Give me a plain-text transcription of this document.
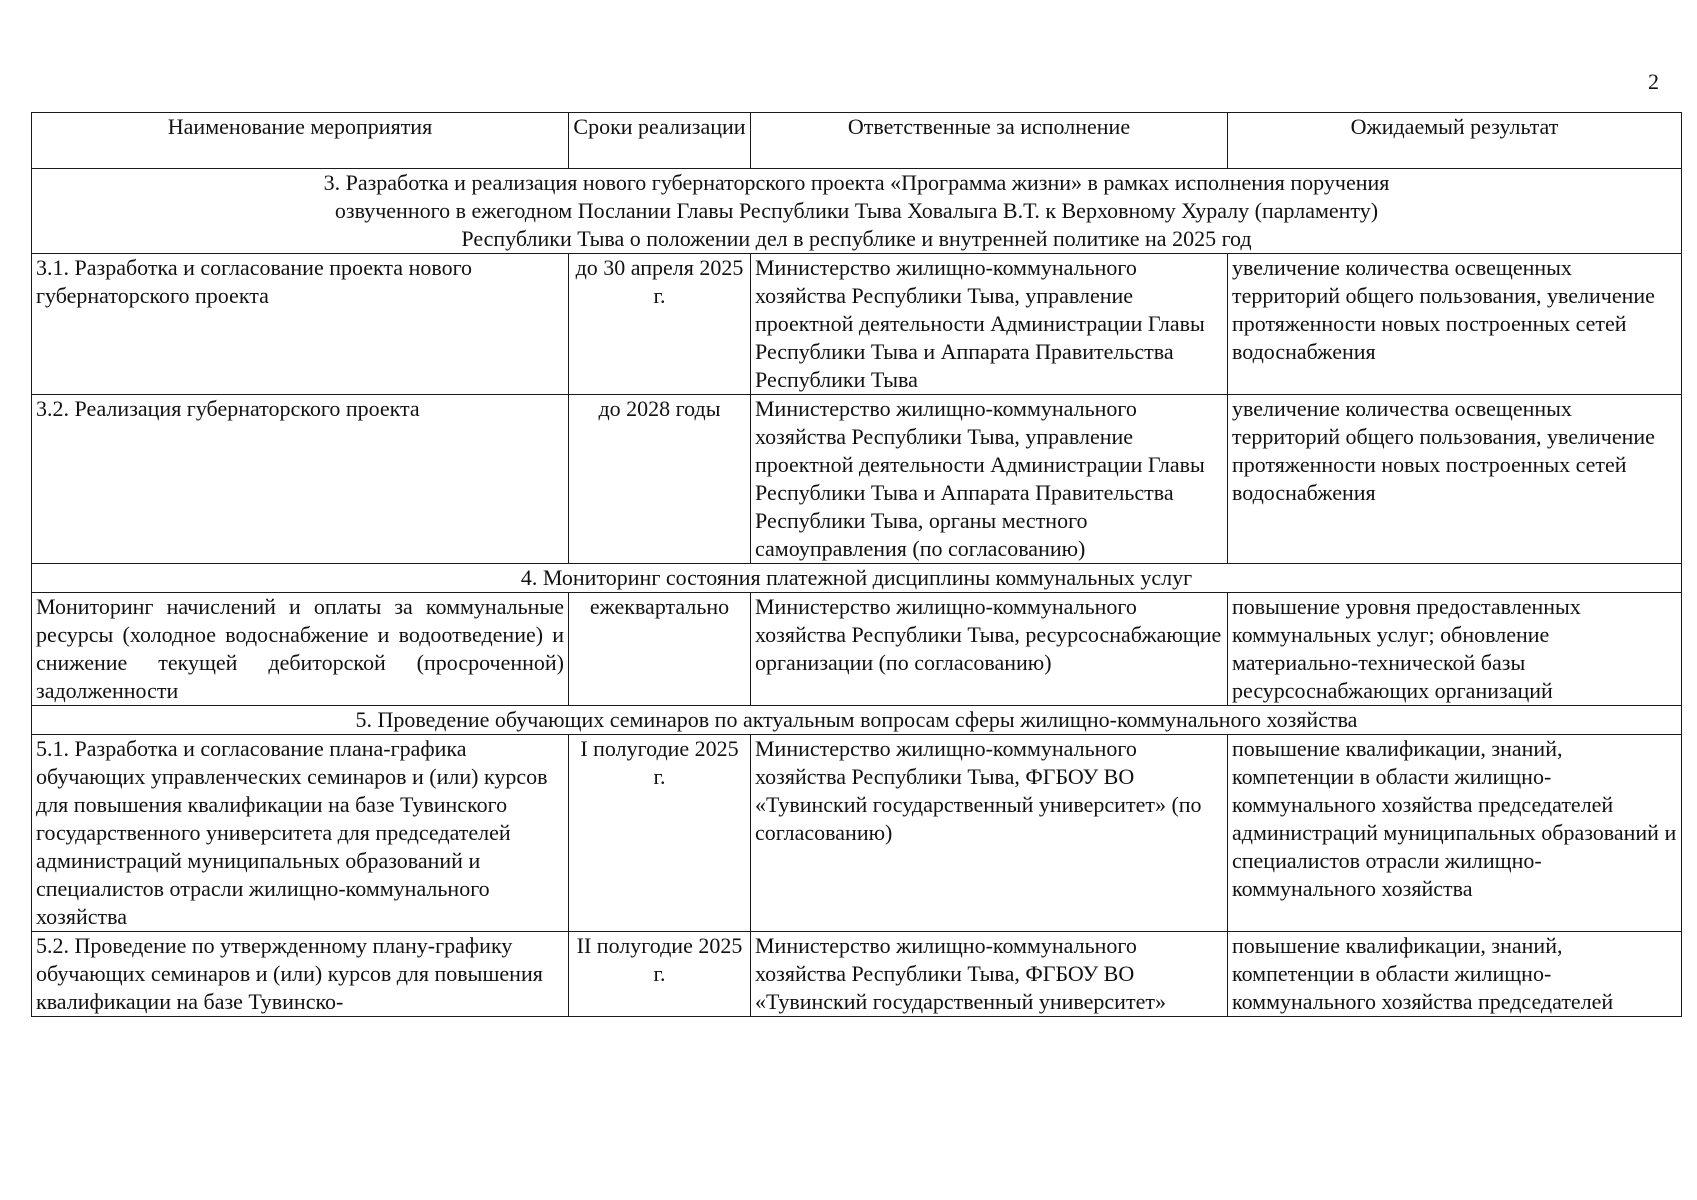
2
Наименование мероприятия	Сроки реализации	Ответственные за исполнение	Ожидаемый результат

3. Разработка и реализация нового губернаторского проекта «Программа жизни» в рамках исполнения поручения
озвученного в ежегодном Послании Главы Республики Тыва Ховалыга В.Т. к Верховному Хуралу (парламенту)
Республики Тыва о положении дел в республике и внутренней политике на 2025 год			

3.1. Разработка и согласование проекта нового губернаторского проекта	до 30 апреля 2025 г.	Министерство жилищно-коммунального хозяйства Республики Тыва, управление проектной деятельности Администрации Главы Республики Тыва и Аппарата Правительства Республики Тыва	увеличение количества освещенных территорий общего пользования, увеличение протяженности новых построенных сетей водоснабжения
3.2. Реализация губернаторского проекта	до 2028 годы	Министерство жилищно-коммунального хозяйства Республики Тыва, управление проектной деятельности Администрации Главы Республики Тыва и Аппарата Правительства Республики Тыва, органы местного самоуправления (по согласованию)	увеличение количества освещенных территорий общего пользования, увеличение протяженности новых построенных сетей водоснабжения

4. Мониторинг состояния платежной дисциплины коммунальных услуг			

Мониторинг начислений и оплаты за коммунальные ресурсы (холодное водоснабжение и водоотведение) и снижение текущей дебиторской (просроченной) задолженности	ежеквартально	Министерство жилищно-коммунального хозяйства Республики Тыва, ресурсоснабжающие организации (по согласованию)	повышение уровня предоставленных коммунальных услуг; обновление материально-технической базы ресурсоснабжающих организаций

5. Проведение обучающих семинаров по актуальным вопросам сферы жилищно-коммунального хозяйства			

5.1. Разработка и согласование плана-графика обучающих управленческих семинаров и (или) курсов для повышения квалификации на базе Тувинского государственного университета для председателей администраций муниципальных образований и специалистов отрасли жилищно-коммунального хозяйства	I полугодие 2025 г.	Министерство жилищно-коммунального хозяйства Республики Тыва, ФГБОУ ВО «Тувинский государственный университет» (по согласованию)	повышение квалификации, знаний, компетенции в области жилищно-коммунального хозяйства председателей администраций муниципальных образований и специалистов отрасли жилищно-коммунального хозяйства
5.2. Проведение по утвержденному плану-графику обучающих семинаров и (или) курсов для повышения квалификации на базе Тувинско-	II полугодие 2025 г.	Министерство жилищно-коммунального хозяйства Республики Тыва, ФГБОУ ВО «Тувинский государственный университет»	повышение квалификации, знаний, компетенции в области жилищно-коммунального хозяйства председателей
